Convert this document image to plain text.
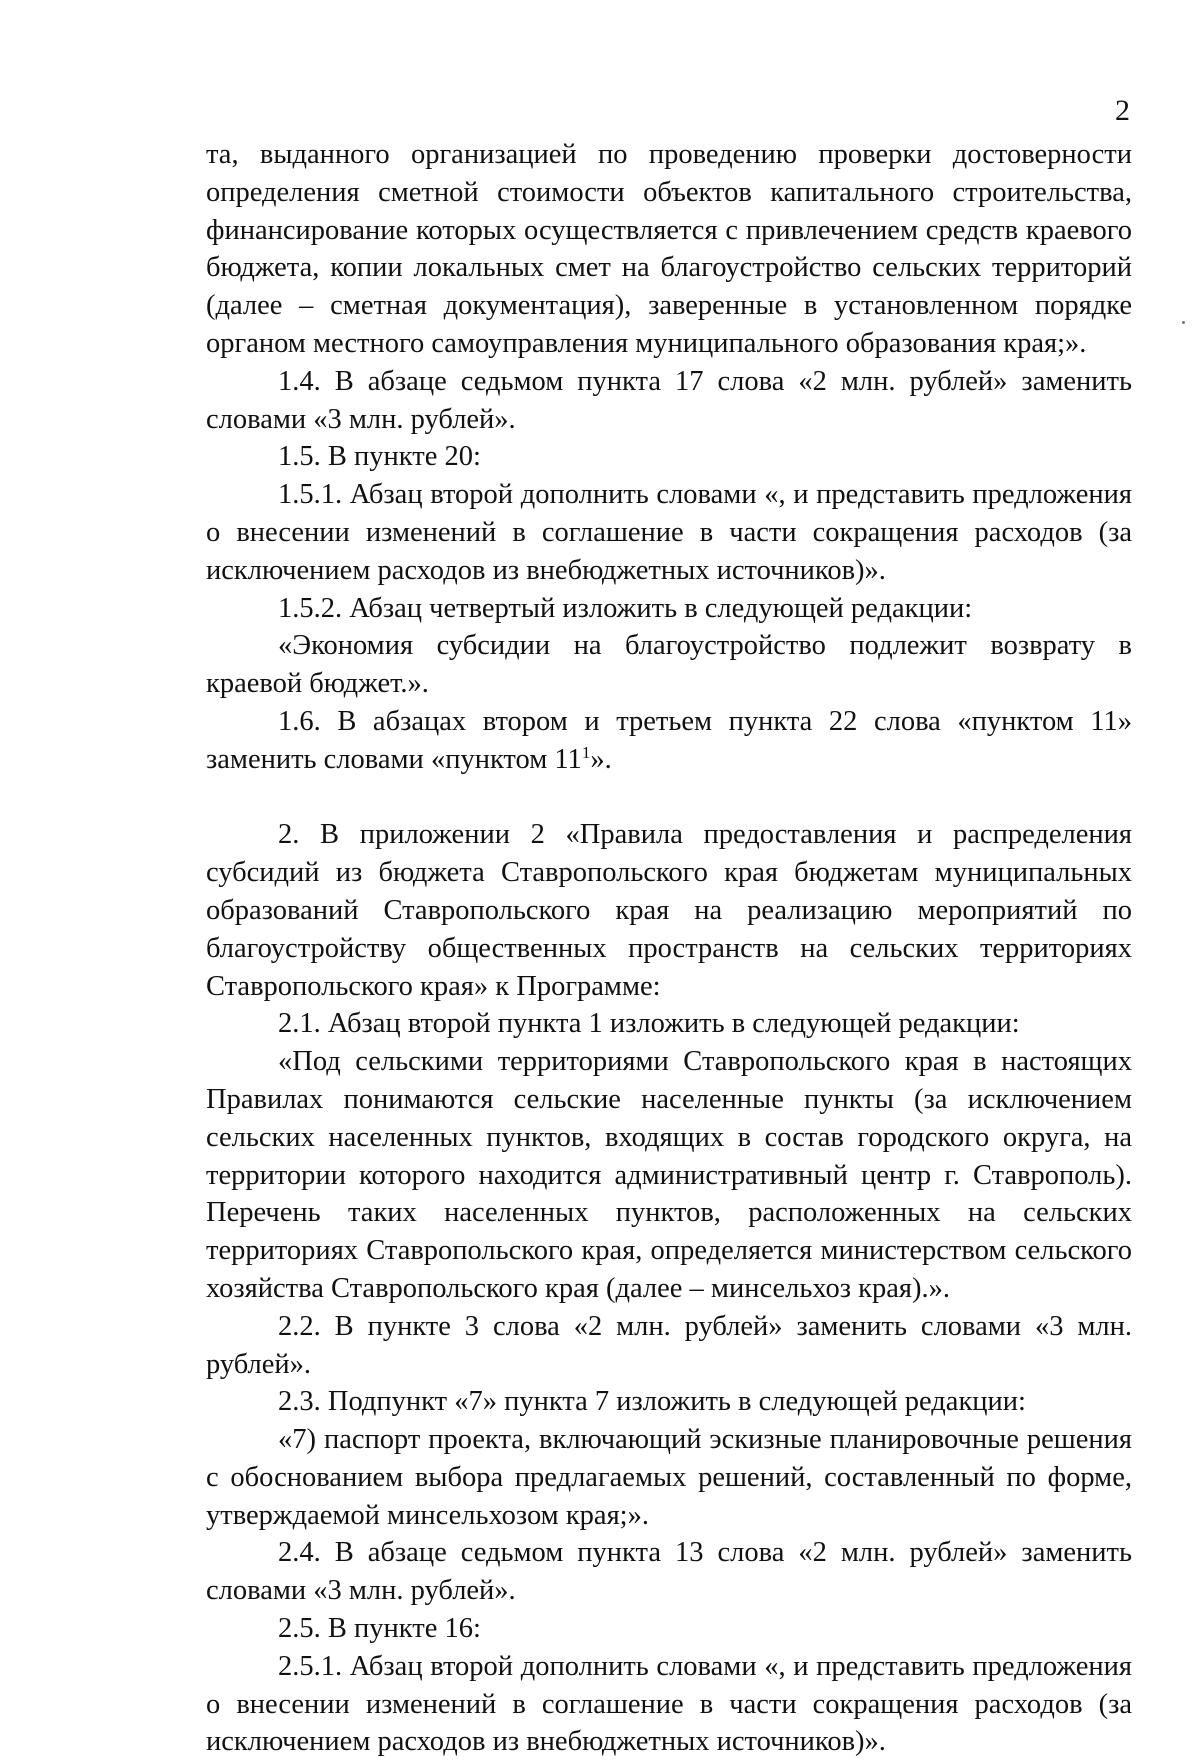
2

та, выданного организацией по проведению проверки достоверности определения сметной стоимости объектов капитального строительства, финансирование которых осуществляется с привлечением средств краевого бюджета, копии локальных смет на благоустройство сельских территорий (далее – сметная документация), заверенные в установленном порядке органом местного самоуправления муниципального образования края;».

1.4. В абзаце седьмом пункта 17 слова «2 млн. рублей» заменить словами «3 млн. рублей».

1.5. В пункте 20:

1.5.1. Абзац второй дополнить словами «, и представить предложения о внесении изменений в соглашение в части сокращения расходов (за исключением расходов из внебюджетных источников)».

1.5.2. Абзац четвертый изложить в следующей редакции:

«Экономия субсидии на благоустройство подлежит возврату в краевой бюджет.».

1.6. В абзацах втором и третьем пункта 22 слова «пунктом 11» заменить словами «пунктом $11^1$».

2. В приложении 2 «Правила предоставления и распределения субсидий из бюджета Ставропольского края бюджетам муниципальных образований Ставропольского края на реализацию мероприятий по благоустройству общественных пространств на сельских территориях Ставропольского края» к Программе:

2.1. Абзац второй пункта 1 изложить в следующей редакции:

«Под сельскими территориями Ставропольского края в настоящих Правилах понимаются сельские населенные пункты (за исключением сельских населенных пунктов, входящих в состав городского округа, на территории которого находится административный центр г. Ставрополь). Перечень таких населенных пунктов, расположенных на сельских территориях Ставропольского края, определяется министерством сельского хозяйства Ставропольского края (далее – минсельхоз края).».

2.2. В пункте 3 слова «2 млн. рублей» заменить словами «3 млн. рублей».

2.3. Подпункт «7» пункта 7 изложить в следующей редакции:

«7) паспорт проекта, включающий эскизные планировочные решения с обоснованием выбора предлагаемых решений, составленный по форме, утверждаемой минсельхозом края;».

2.4. В абзаце седьмом пункта 13 слова «2 млн. рублей» заменить словами «3 млн. рублей».

2.5. В пункте 16:

2.5.1. Абзац второй дополнить словами «, и представить предложения о внесении изменений в соглашение в части сокращения расходов (за исключением расходов из внебюджетных источников)».
